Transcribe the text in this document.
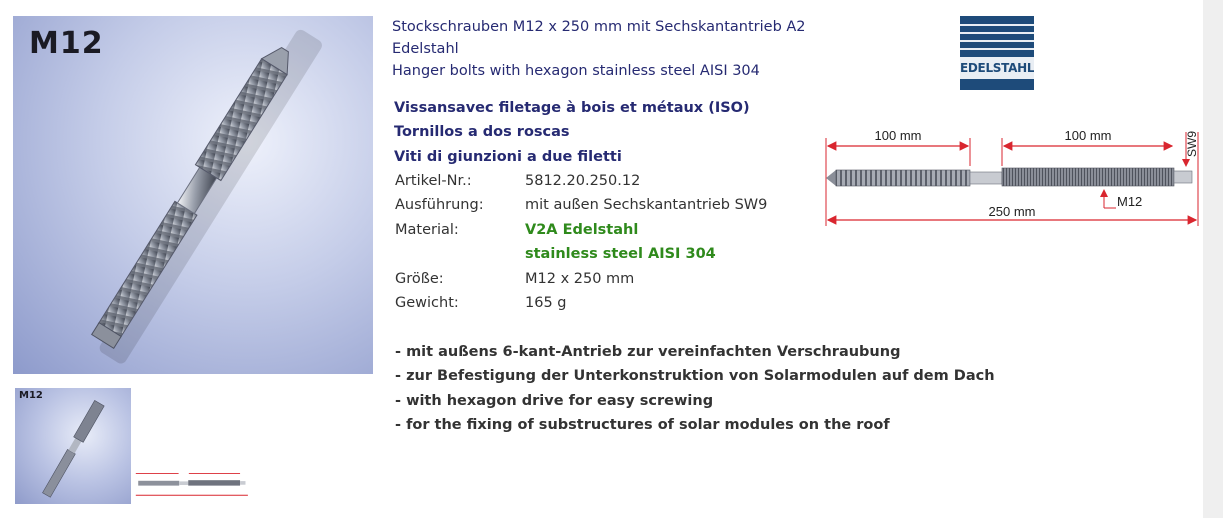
M12
M12
Stockschrauben M12 x 250 mm mit Sechskantantrieb A2
Edelstahl
Hanger bolts with hexagon stainless steel AISI 304
Vissansavec filetage à bois et métaux (ISO)
Tornillos a dos roscas
Viti di giunzioni a due filetti
Artikel-Nr.:	5812.20.250.12
Ausführung:	mit außen Sechskantantrieb SW9
Material:	V2A Edelstahl
stainless steel AISI 304
Größe:	M12 x 250 mm
Gewicht:	165 g
- mit außens 6-kant-Antrieb zur vereinfachten Verschraubung
- zur Befestigung der Unterkonstruktion von Solarmodulen auf dem Dach
- with hexagon drive for easy screwing
- for the fixing of substructures of solar modules on the roof
EDELSTAHL
100 mm	100 mm
250 mm
M12
SW9
